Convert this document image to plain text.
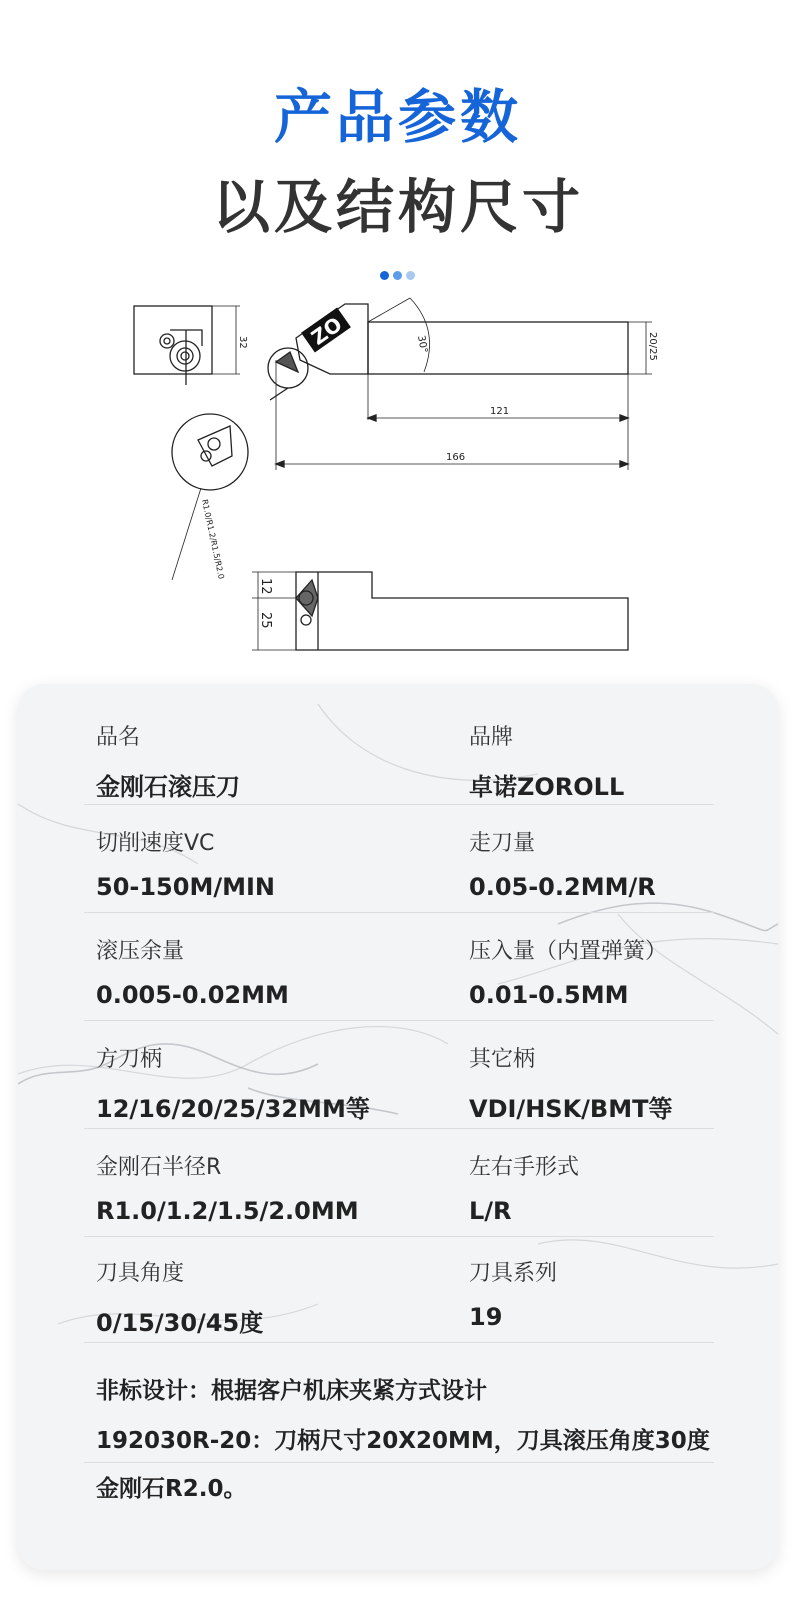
产品参数
以及结构尺寸
ZO
32	30°	20/25
121
166
R1.0/R1.2/R1.5/R2.0
12
25
品名
金刚石滚压刀
品牌
卓诺ZOROLL
切削速度VC
50-150M/MIN
走刀量
0.05-0.2MM/R
滚压余量
0.005-0.02MM
压入量（内置弹簧）
0.01-0.5MM
方刀柄
12/16/20/25/32MM等
其它柄
VDI/HSK/BMT等
金刚石半径R
R1.0/1.2/1.5/2.0MM
左右手形式
L/R
刀具角度
0/15/30/45度
刀具系列
19
非标设计：根据客户机床夹紧方式设计
192030R-20：刀柄尺寸20X20MM，刀具滚压角度30度
金刚石R2.0。
